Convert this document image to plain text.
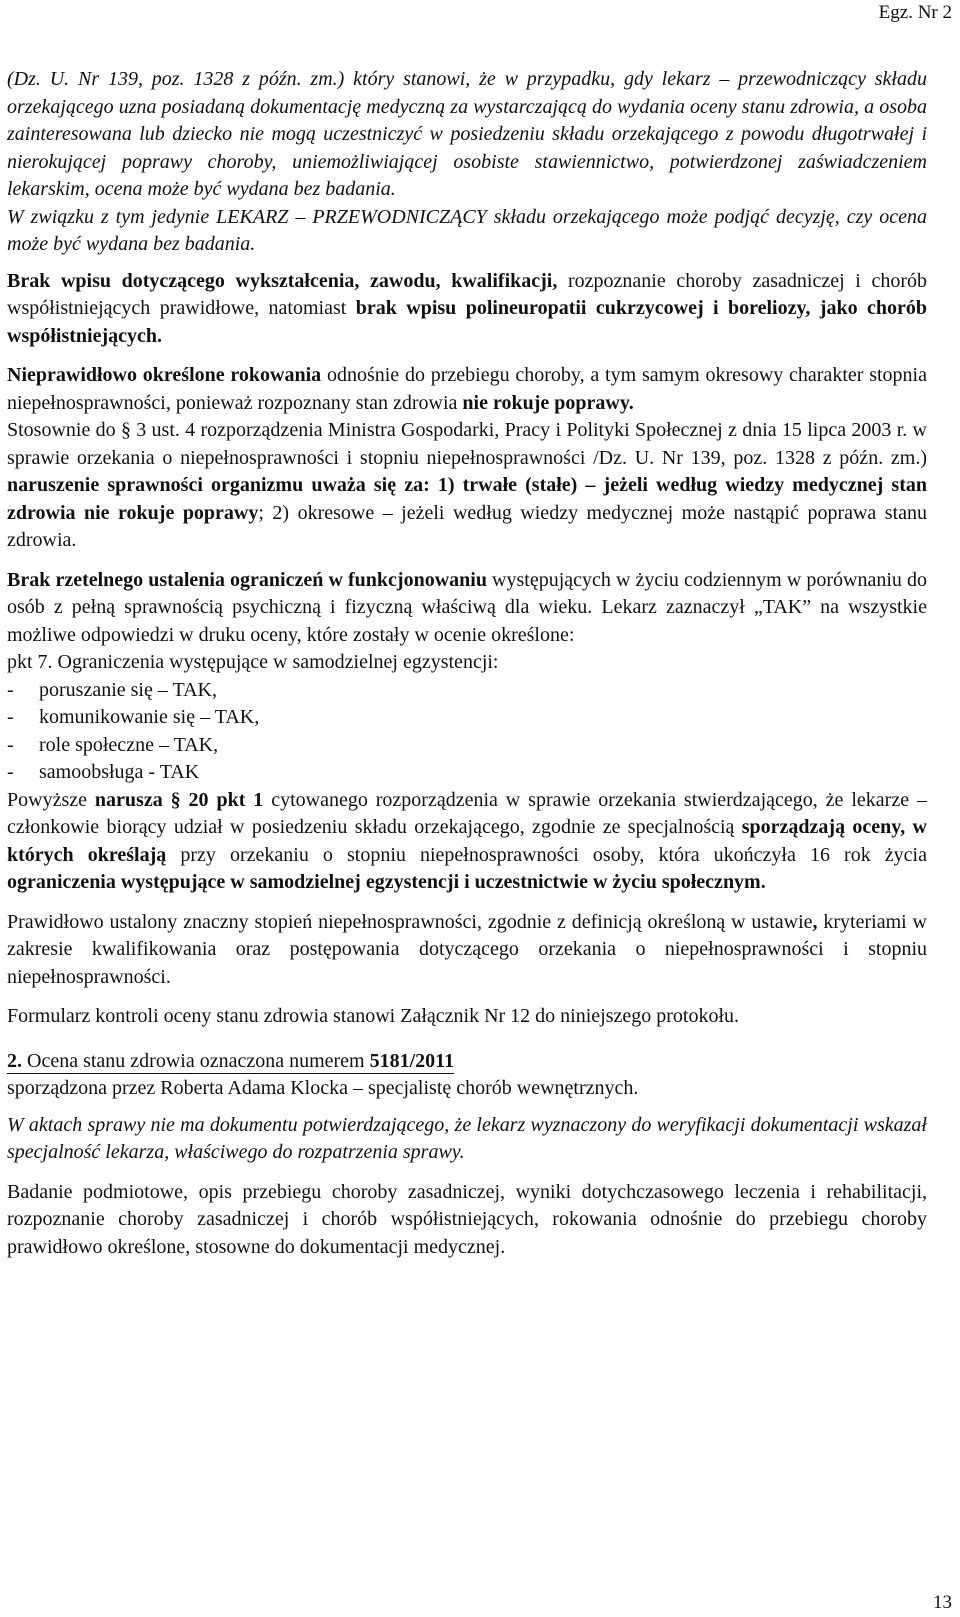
Egz. Nr 2

(Dz. U. Nr 139, poz. 1328 z późn. zm.) który stanowi, że w przypadku, gdy lekarz – przewodniczący składu orzekającego uzna posiadaną dokumentację medyczną za wystarczającą do wydania oceny stanu zdrowia, a osoba zainteresowana lub dziecko nie mogą uczestniczyć w posiedzeniu składu orzekającego z powodu długotrwałej i nierokującej poprawy choroby, uniemożliwiającej osobiste stawiennictwo, potwierdzonej zaświadczeniem lekarskim, ocena może być wydana bez badania.

W związku z tym jedynie LEKARZ – PRZEWODNICZĄCY składu orzekającego może podjąć decyzję, czy ocena może być wydana bez badania.

Brak wpisu dotyczącego wykształcenia, zawodu, kwalifikacji, rozpoznanie choroby zasadniczej i chorób współistniejących prawidłowe, natomiast brak wpisu polineuropatii cukrzycowej i boreliozy, jako chorób współistniejących.

Nieprawidłowo określone rokowania odnośnie do przebiegu choroby, a tym samym okresowy charakter stopnia niepełnosprawności, ponieważ rozpoznany stan zdrowia nie rokuje poprawy.

Stosownie do § 3 ust. 4 rozporządzenia Ministra Gospodarki, Pracy i Polityki Społecznej z dnia 15 lipca 2003 r. w sprawie orzekania o niepełnosprawności i stopniu niepełnosprawności /Dz. U. Nr 139, poz. 1328 z późn. zm.) naruszenie sprawności organizmu uważa się za: 1) trwałe (stałe) – jeżeli według wiedzy medycznej stan zdrowia nie rokuje poprawy; 2) okresowe – jeżeli według wiedzy medycznej może nastąpić poprawa stanu zdrowia.

Brak rzetelnego ustalenia ograniczeń w funkcjonowaniu występujących w życiu codziennym w porównaniu do osób z pełną sprawnością psychiczną i fizyczną właściwą dla wieku. Lekarz zaznaczył „TAK” na wszystkie możliwe odpowiedzi w druku oceny, które zostały w ocenie określone:

pkt 7. Ograniczenia występujące w samodzielnej egzystencji:

-	poruszanie się – TAK,
-	komunikowanie się – TAK,
-	role społeczne – TAK,
-	samoobsługa - TAK

Powyższe narusza § 20 pkt 1 cytowanego rozporządzenia w sprawie orzekania stwierdzającego, że lekarze – członkowie biorący udział w posiedzeniu składu orzekającego, zgodnie ze specjalnością sporządzają oceny, w których określają przy orzekaniu o stopniu niepełnosprawności osoby, która ukończyła 16 rok życia ograniczenia występujące w samodzielnej egzystencji i uczestnictwie w życiu społecznym.

Prawidłowo ustalony znaczny stopień niepełnosprawności, zgodnie z definicją określoną w ustawie, kryteriami w zakresie kwalifikowania oraz postępowania dotyczącego orzekania o niepełnosprawności i stopniu niepełnosprawności.

Formularz kontroli oceny stanu zdrowia stanowi Załącznik Nr 12 do niniejszego protokołu.

2. Ocena stanu zdrowia oznaczona numerem 5181/2011

sporządzona przez Roberta Adama Klocka – specjalistę chorób wewnętrznych.

W aktach sprawy nie ma dokumentu potwierdzającego, że lekarz wyznaczony do weryfikacji dokumentacji wskazał specjalność lekarza, właściwego do rozpatrzenia sprawy.

Badanie podmiotowe, opis przebiegu choroby zasadniczej, wyniki dotychczasowego leczenia i rehabilitacji, rozpoznanie choroby zasadniczej i chorób współistniejących, rokowania odnośnie do przebiegu choroby prawidłowo określone, stosowne do dokumentacji medycznej.

13
